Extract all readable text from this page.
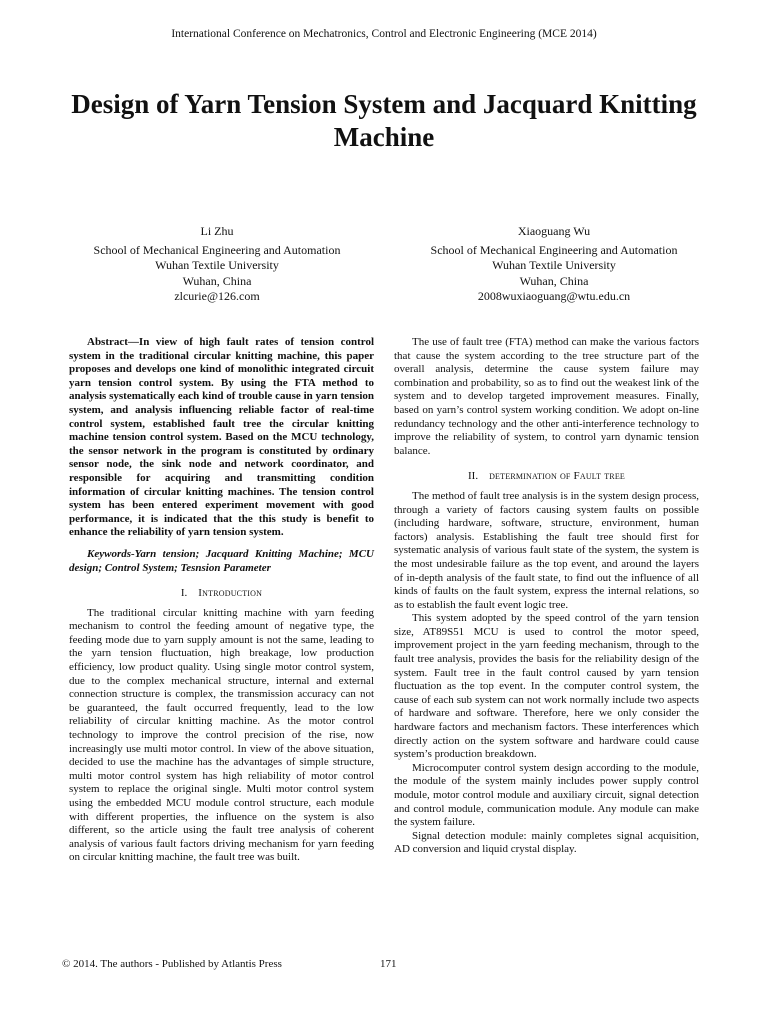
International Conference on Mechatronics, Control and Electronic Engineering (MCE 2014)
Design of Yarn Tension System and Jacquard Knitting Machine
Li Zhu
School of Mechanical Engineering and Automation
Wuhan Textile University
Wuhan, China
zlcurie@126.com
Xiaoguang Wu
School of Mechanical Engineering and Automation
Wuhan Textile University
Wuhan, China
2008wuxiaoguang@wtu.edu.cn

Abstract—In view of high fault rates of tension control system in the traditional circular knitting machine, this paper proposes and develops one kind of monolithic integrated circuit yarn tension control system. By using the FTA method to analysis systematically each kind of trouble cause in yarn tension system, and analysis influencing reliable factor of real-time control system, established fault tree the circular knitting machine tension control system. Based on the MCU technology, the sensor network in the program is constituted by ordinary sensor node, the sink node and network coordinator, and responsible for acquiring and transmitting condition information of circular knitting machines. The tension control system has been entered experiment movement with good performance, it is indicated that the this study is benefit to enhance the reliability of yarn tension system.

Keywords-Yarn tension; Jacquard Knitting Machine; MCU design; Control System; Tesnsion Parameter

I. Introduction

The traditional circular knitting machine with yarn feeding mechanism to control the feeding amount of negative type, the feeding mode due to yarn supply amount is not the same, leading to the yarn tension fluctuation, high breakage, low production efficiency, low product quality. Using single motor control system, due to the complex mechanical structure, internal and external connection structure is complex, the transmission accuracy can not be guaranteed, the fault occurred frequently, lead to the low reliability of circular knitting machine. As the motor control technology to improve the control precision of the rise, now increasingly use multi motor control. In view of the above situation, decided to use the machine has the advantages of simple structure, multi motor control system has high reliability of motor control system to replace the original single. Multi motor control system using the embedded MCU module control structure, each module with different properties, the influence on the system is also different, so the article using the fault tree analysis of coherent analysis of various fault factors driving mechanism for yarn feeding on circular knitting machine, the fault tree was built.

The use of fault tree (FTA) method can make the various factors that cause the system according to the tree structure part of the overall analysis, determine the cause system failure may combination and probability, so as to find out the weakest link of the system and to develop targeted improvement measures. Finally, based on yarn’s control system working condition. We adopt on-line redundancy technology and the other anti-interference technology to improve the reliability of system, to control yarn dynamic tension balance.

II. determination of Fault tree

The method of fault tree analysis is in the system design process, through a variety of factors causing system faults on possible (including hardware, software, structure, environment, human factors) analysis. Establishing the fault tree should first for systematic analysis of various fault state of the system, the system is the most undesirable failure as the top event, and around the layers of in-depth analysis of the fault state, to find out the influence of all kinds of faults on the fault system, express the internal relations, so as to establish the fault event logic tree.

This system adopted by the speed control of the yarn tension size, AT89S51 MCU is used to control the motor speed, improvement project in the yarn feeding mechanism, through to the fault tree analysis, provides the basis for the reliability design of the system. Fault tree in the fault control caused by yarn tension fluctuation as the top event. In the computer control system, the cause of each sub system can not work normally include two aspects of hardware and software. Therefore, here we only consider the hardware factors and mechanism factors. These interferences which directly action on the system software and hardware could cause system’s production breakdown.

Microcomputer control system design according to the module, the module of the system mainly includes power supply control module, motor control module and auxiliary circuit, signal detection and control module, communication module. Any module can make the system failure.

Signal detection module: mainly completes signal acquisition, AD conversion and liquid crystal display.

© 2014. The authors - Published by Atlantis Press	171
